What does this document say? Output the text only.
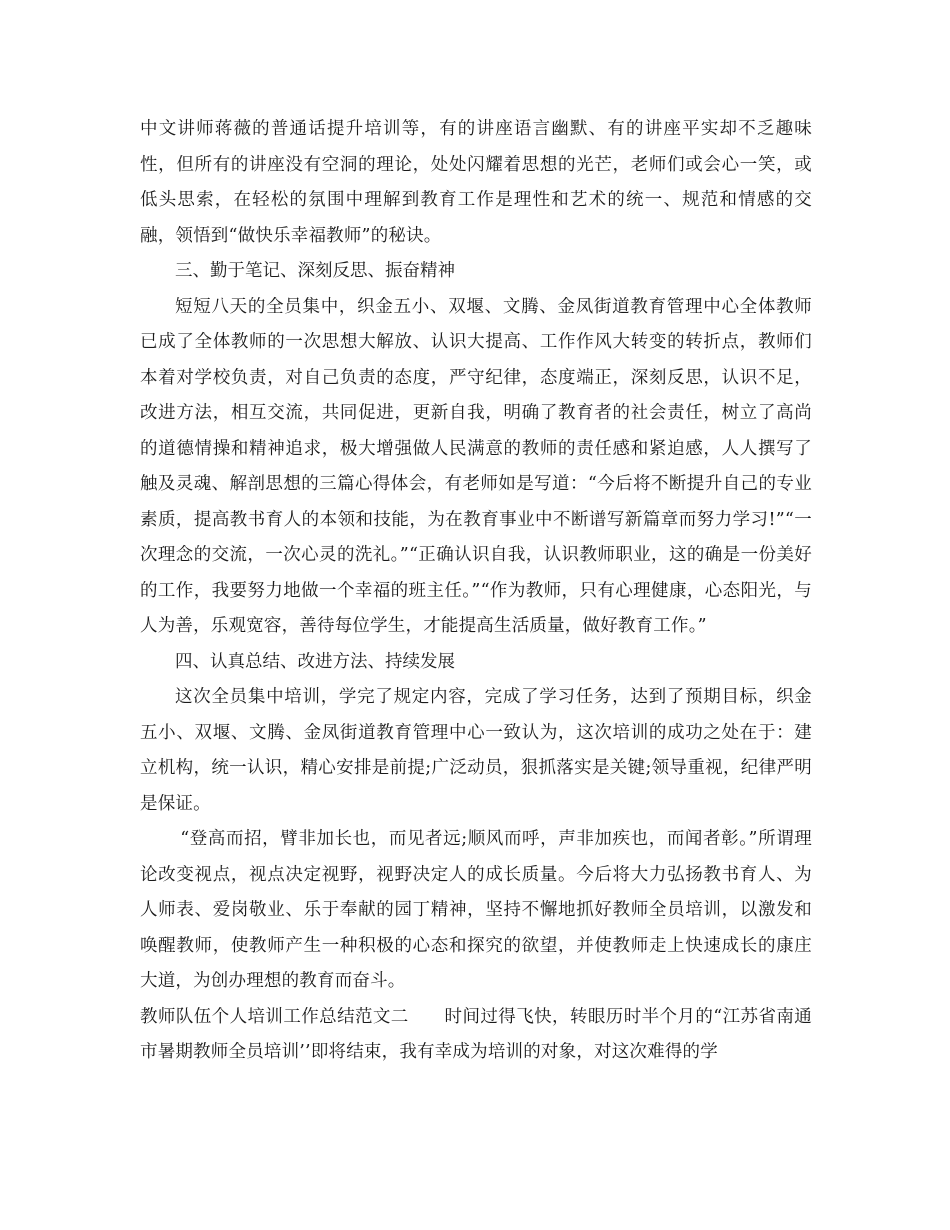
中文讲师蒋薇的普通话提升培训等，有的讲座语言幽默、有的讲座平实却不乏趣味性，但所有的讲座没有空洞的理论，处处闪耀着思想的光芒，老师们或会心一笑，或低头思索，在轻松的氛围中理解到教育工作是理性和艺术的统一、规范和情感的交融，领悟到“做快乐幸福教师”的秘诀。

三、勤于笔记、深刻反思、振奋精神

短短八天的全员集中，织金五小、双堰、文腾、金凤街道教育管理中心全体教师已成了全体教师的一次思想大解放、认识大提高、工作作风大转变的转折点，教师们本着对学校负责，对自己负责的态度，严守纪律，态度端正，深刻反思，认识不足，改进方法，相互交流，共同促进，更新自我，明确了教育者的社会责任，树立了高尚的道德情操和精神追求，极大增强做人民满意的教师的责任感和紧迫感，人人撰写了触及灵魂、解剖思想的三篇心得体会，有老师如是写道：“今后将不断提升自己的专业素质，提高教书育人的本领和技能，为在教育事业中不断谱写新篇章而努力学习!”“一次理念的交流，一次心灵的洗礼。”“正确认识自我，认识教师职业，这的确是一份美好的工作，我要努力地做一个幸福的班主任。”“作为教师，只有心理健康，心态阳光，与人为善，乐观宽容，善待每位学生，才能提高生活质量，做好教育工作。”

四、认真总结、改进方法、持续发展

这次全员集中培训，学完了规定内容，完成了学习任务，达到了预期目标，织金五小、双堰、文腾、金凤街道教育管理中心一致认为，这次培训的成功之处在于：建立机构，统一认识，精心安排是前提;广泛动员，狠抓落实是关键;领导重视，纪律严明是保证。

“登高而招，臂非加长也，而见者远;顺风而呼，声非加疾也，而闻者彰。”所谓理论改变视点，视点决定视野，视野决定人的成长质量。今后将大力弘扬教书育人、为人师表、爱岗敬业、乐于奉献的园丁精神，坚持不懈地抓好教师全员培训，以激发和唤醒教师，使教师产生一种积极的心态和探究的欲望，并使教师走上快速成长的康庄大道，为创办理想的教育而奋斗。

教师队伍个人培训工作总结范文二　　时间过得飞快，转眼历时半个月的“江苏省南通市暑期教师全员培训’’即将结束，我有幸成为培训的对象，对这次难得的学
